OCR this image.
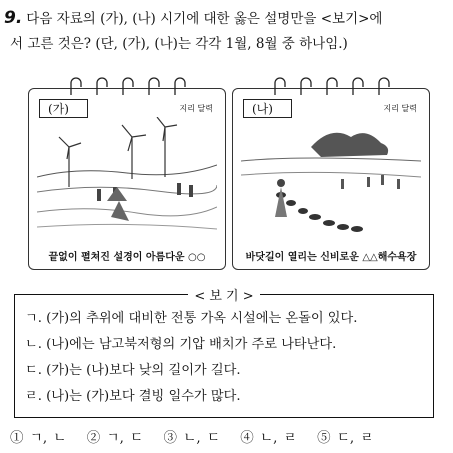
9. 다음 자료의 (가), (나) 시기에 대한 옳은 설명만을 <보기>에
서 고른 것은? (단, (가), (나)는 각각 1월, 8월 중 하나임.)
(가)	지리 달력
끝없이 펼쳐진 설경이 아름다운 ○○
(나)	지리 달력
바닷길이 열리는 신비로운 △△해수욕장
< 보 기 >
ㄱ. (가)의 추위에 대비한 전통 가옥 시설에는 온돌이 있다.
ㄴ. (나)에는 남고북저형의 기압 배치가 주로 나타난다.
ㄷ. (가)는 (나)보다 낮의 길이가 길다.
ㄹ. (나)는 (가)보다 결빙 일수가 많다.
① ㄱ, ㄴ ② ㄱ, ㄷ ③ ㄴ, ㄷ ④ ㄴ, ㄹ ⑤ ㄷ, ㄹ
